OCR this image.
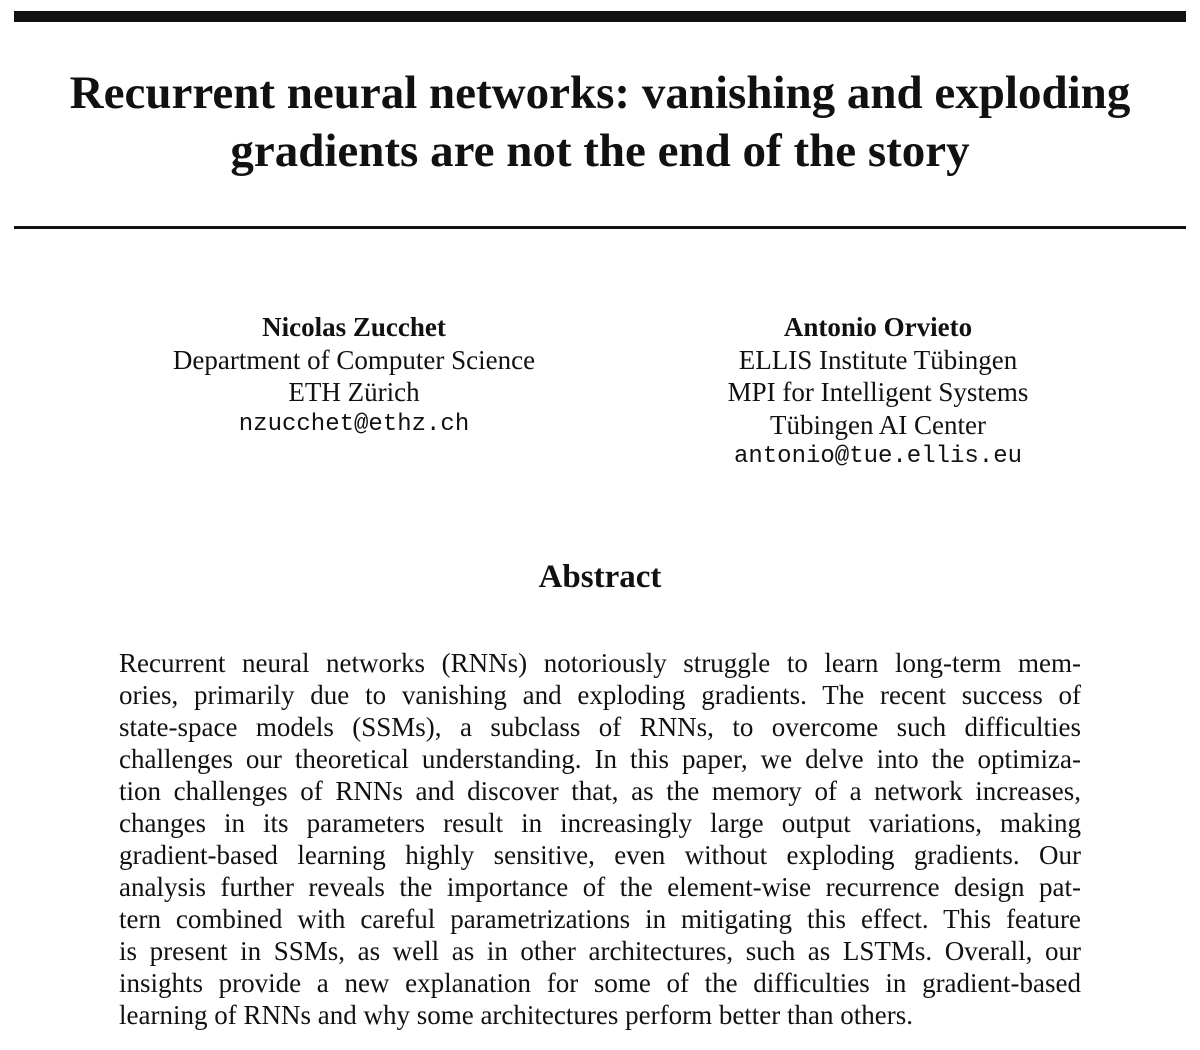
Recurrent neural networks: vanishing and exploding
gradients are not the end of the story
Nicolas Zucchet
Department of Computer Science
ETH Zürich
nzucchet@ethz.ch
Antonio Orvieto
ELLIS Institute Tübingen
MPI for Intelligent Systems
Tübingen AI Center
antonio@tue.ellis.eu
Abstract
Recurrent neural networks (RNNs) notoriously struggle to learn long-term mem-
ories, primarily due to vanishing and exploding gradients. The recent success of
state-space models (SSMs), a subclass of RNNs, to overcome such difficulties
challenges our theoretical understanding. In this paper, we delve into the optimiza-
tion challenges of RNNs and discover that, as the memory of a network increases,
changes in its parameters result in increasingly large output variations, making
gradient-based learning highly sensitive, even without exploding gradients. Our
analysis further reveals the importance of the element-wise recurrence design pat-
tern combined with careful parametrizations in mitigating this effect. This feature
is present in SSMs, as well as in other architectures, such as LSTMs. Overall, our
insights provide a new explanation for some of the difficulties in gradient-based
learning of RNNs and why some architectures perform better than others.
